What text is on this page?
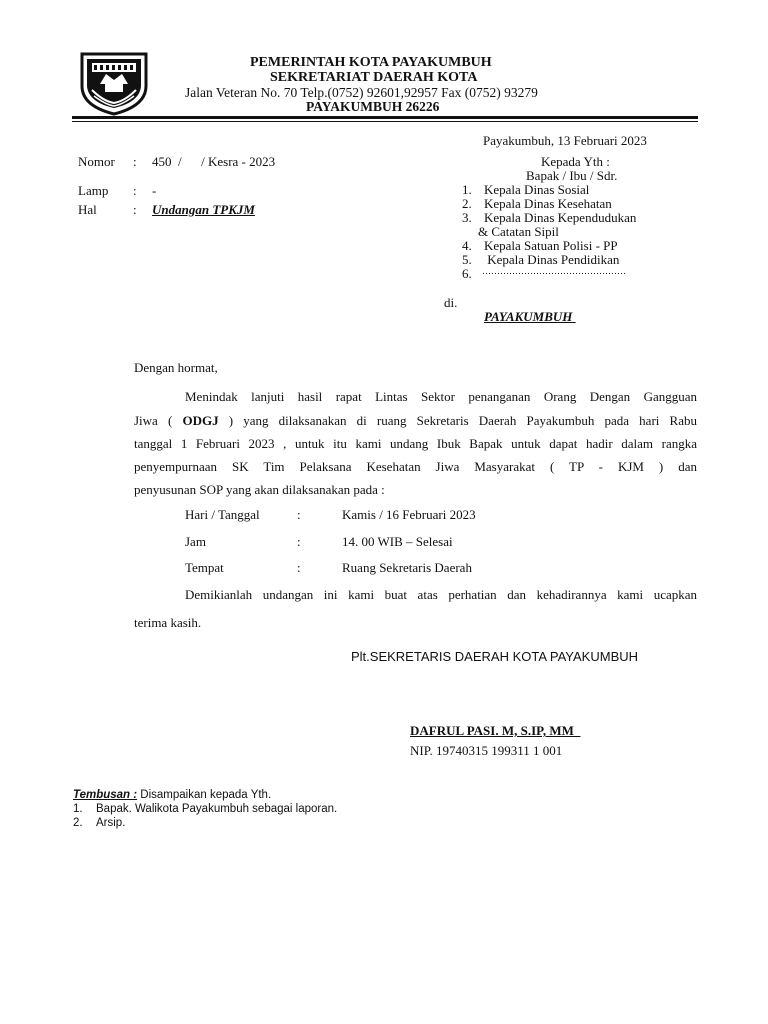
PEMERINTAH KOTA PAYAKUMBUH
SEKRETARIAT DAERAH KOTA
Jalan Veteran No. 70 Telp.(0752) 92601,92957 Fax (0752) 93279
PAYAKUMBUH 26226
Payakumbuh, 13 Februari 2023
Nomor : 450  /      / Kesra - 2023
Lamp : -
Hal	: Undangan TPKJM
Kepada Yth :
Bapak / Ibu / Sdr.
1. Kepala Dinas Sosial
2. Kepala Dinas Kesehatan
3. Kepala Dinas Kependudukan
& Catatan Sipil
4. Kepala Satuan Polisi - PP
5. Kepala Dinas Pendidikan
6. …………………………………………
di.
PAYAKUMBUH
Dengan hormat,
Menindak lanjuti hasil rapat Lintas Sektor penanganan Orang Dengan Gangguan
Jiwa ( ODGJ ) yang dilaksanakan di ruang Sekretaris Daerah Payakumbuh pada hari Rabu
tanggal 1 Februari 2023 , untuk itu kami undang Ibuk Bapak untuk dapat hadir dalam rangka
penyempurnaan SK Tim Pelaksana Kesehatan Jiwa Masyarakat ( TP - KJM ) dan
penyusunan SOP yang akan dilaksanakan pada :
Hari / Tanggal	:	Kamis / 16 Februari 2023
Jam	:	14. 00 WIB – Selesai
Tempat	:	Ruang Sekretaris Daerah
Demikianlah undangan ini kami buat atas perhatian dan kehadirannya kami ucapkan
terima kasih.
Plt.SEKRETARIS DAERAH KOTA PAYAKUMBUH
DAFRUL PASI. M, S.IP, MM
NIP. 19740315 199311 1 001
Tembusan : Disampaikan kepada Yth.
1. Bapak. Walikota Payakumbuh sebagai laporan.
2. Arsip.
